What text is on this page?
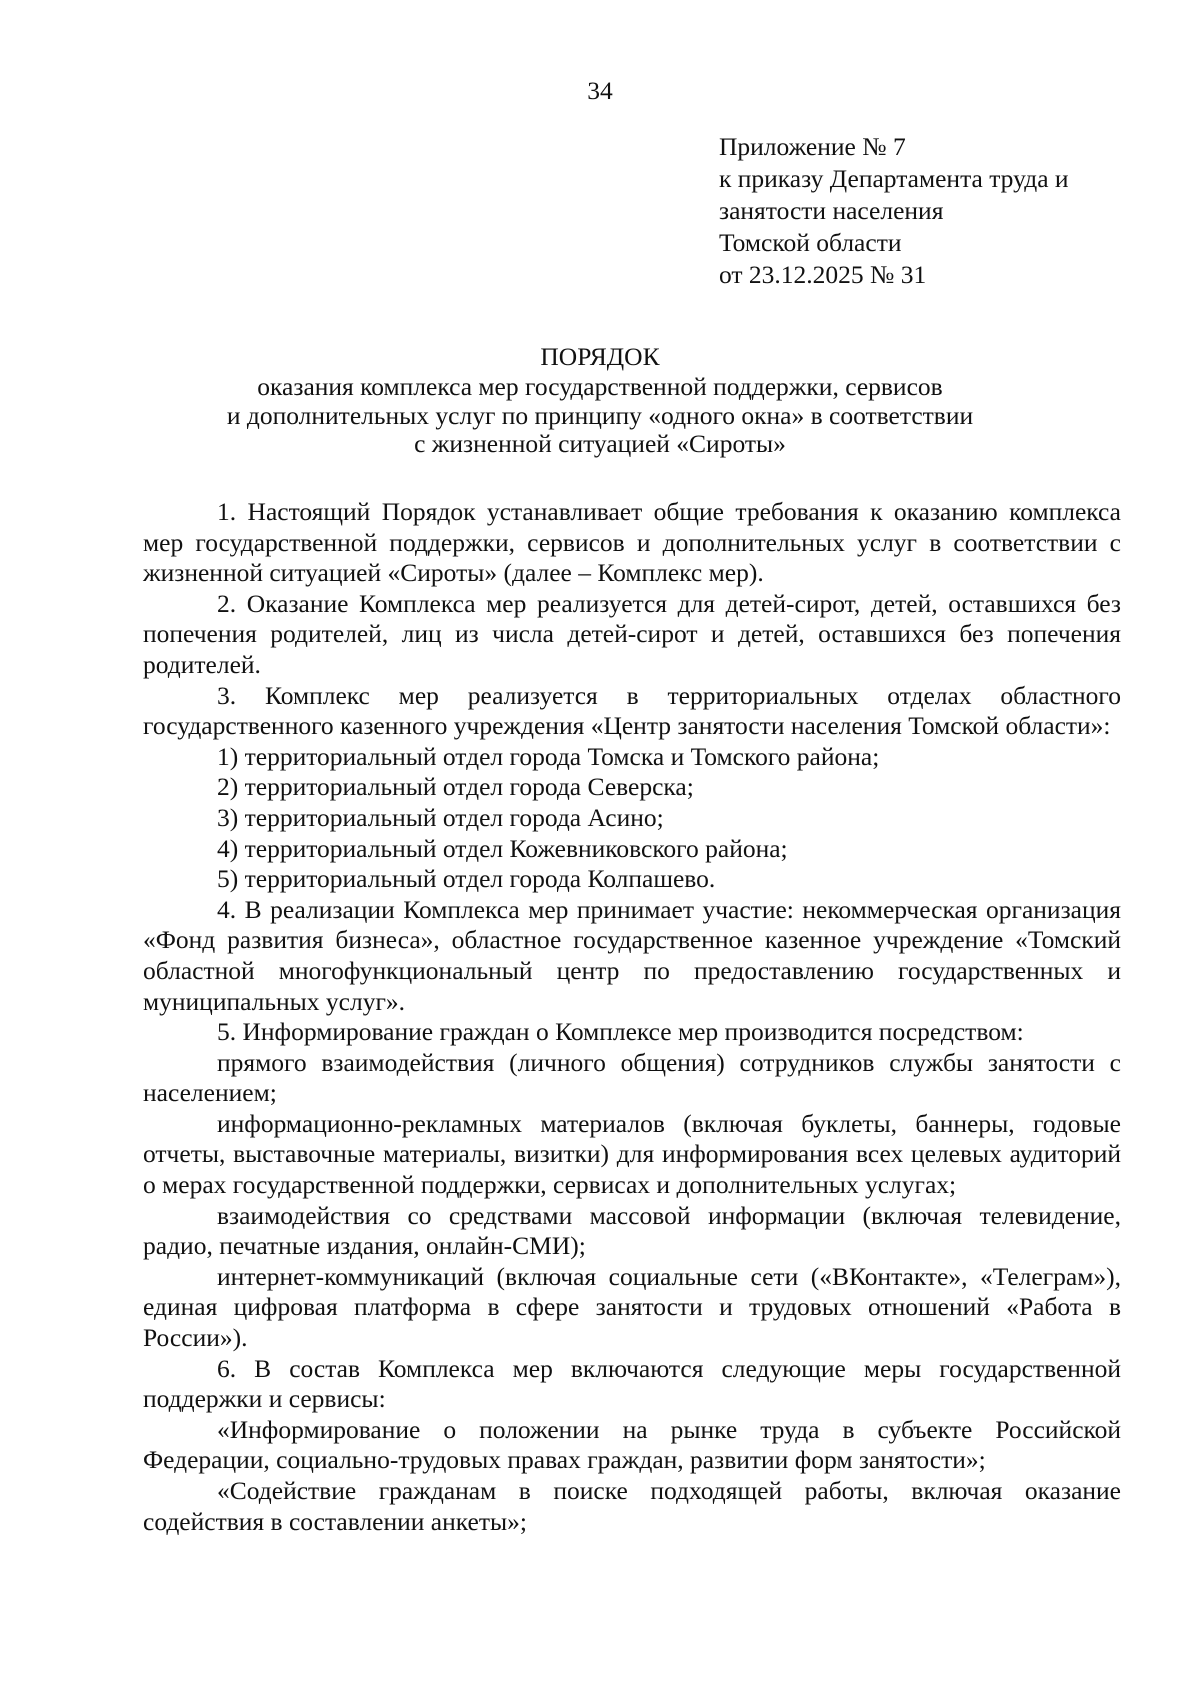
34
Приложение № 7
к приказу Департамента труда и
занятости населения
Томской области
от 23.12.2025 № 31
ПОРЯДОК
оказания комплекса мер государственной поддержки, сервисов
и дополнительных услуг по принципу «одного окна» в соответствии
с жизненной ситуацией «Сироты»

1. Настоящий Порядок устанавливает общие требования к оказанию комплекса мер государственной поддержки, сервисов и дополнительных услуг в соответствии с жизненной ситуацией «Сироты» (далее – Комплекс мер).

2. Оказание Комплекса мер реализуется для детей-сирот, детей, оставшихся без попечения родителей, лиц из числа детей-сирот и детей, оставшихся без попечения родителей.

3. Комплекс мер реализуется в территориальных отделах областного государственного казенного учреждения «Центр занятости населения Томской области»:

1) территориальный отдел города Томска и Томского района;

2) территориальный отдел города Северска;

3) территориальный отдел города Асино;

4) территориальный отдел Кожевниковского района;

5) территориальный отдел города Колпашево.

4. В реализации Комплекса мер принимает участие: некоммерческая организация «Фонд развития бизнеса», областное государственное казенное учреждение «Томский областной многофункциональный центр по предоставлению государственных и муниципальных услуг».

5. Информирование граждан о Комплексе мер производится посредством:

прямого взаимодействия (личного общения) сотрудников службы занятости с населением;

информационно-рекламных материалов (включая буклеты, баннеры, годовые отчеты, выставочные материалы, визитки) для информирования всех целевых аудиторий о мерах государственной поддержки, сервисах и дополнительных услугах;

взаимодействия со средствами массовой информации (включая телевидение, радио, печатные издания, онлайн-СМИ);

интернет-коммуникаций (включая социальные сети («ВКонтакте», «Телеграм»), единая цифровая платформа в сфере занятости и трудовых отношений «Работа в России»).

6. В состав Комплекса мер включаются следующие меры государственной поддержки и сервисы:

«Информирование о положении на рынке труда в субъекте Российской Федерации, социально-трудовых правах граждан, развитии форм занятости»;

«Содействие гражданам в поиске подходящей работы, включая оказание содействия в составлении анкеты»;
